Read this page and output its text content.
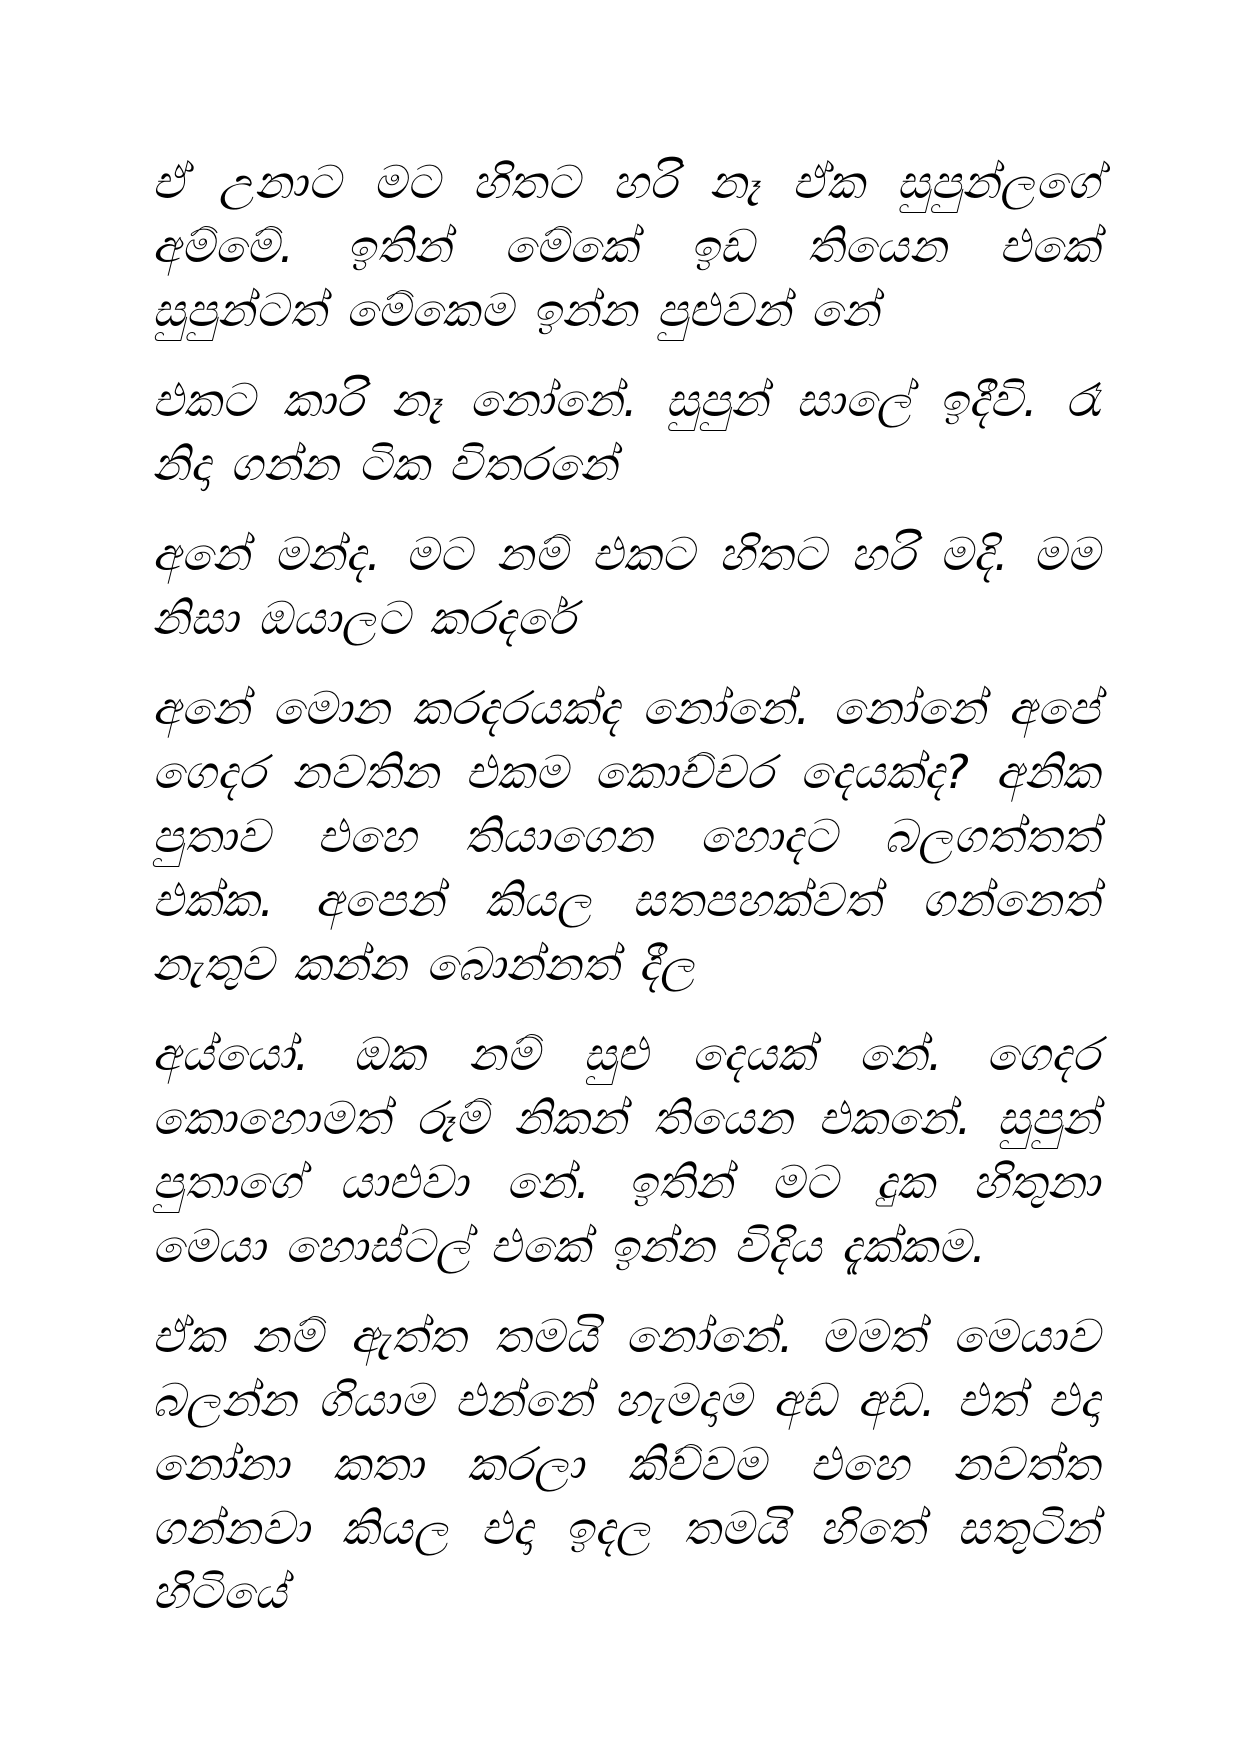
ඒ උනාට මට හිතට හරි නෑ ඒක සුපුන්ලගේ අම්මේ. ඉතින් මේකේ ඉඩ තියෙන එකේ සුපුන්ටත් මේකෙම ඉන්න පුළුවන් නේ

එකට කාරි නෑ නෝනේ. සුපුන් සාලේ ඉදීවි. රෑ නිදා ගන්න ටික විතරනේ

අනේ මන්ද. මට නම් එකට හිතට හරි මදි. මම නිසා ඔයාලට කරදරේ

අනේ මොන කරදරයක්ද නෝනේ. නෝනේ අපේ ගෙදර නවතින එකම කොච්චර දෙයක්ද? අනික පුතාව එහෙ තියාගෙන හොදට බලගත්තත් එක්ක. අපෙන් කියල සතපහක්වත් ගන්නෙත් නැතුව කන්න බොන්නත් දීල

අය්යෝ. ඔක නම් සුළු දෙයක් නේ. ගෙදර කොහොමත් රූම් නිකන් තියෙන එකනේ. සුපුන් පුතාගේ යාළුවා නේ. ඉතින් මට දුක හිතුනා මෙයා හොස්ටල් එකේ ඉන්න විදිය දැක්කම.

ඒක නම් ඇත්ත තමයි නෝනේ. මමත් මෙයාව බලන්න ගියාම එන්නේ හැමදාම අඩ අඩ. එත් එදා නෝනා කතා කරලා කිව්වම එහෙ නවත්ත ගන්නවා කියල එදා ඉදල තමයි හිතේ සතුටින් හිටියේ
